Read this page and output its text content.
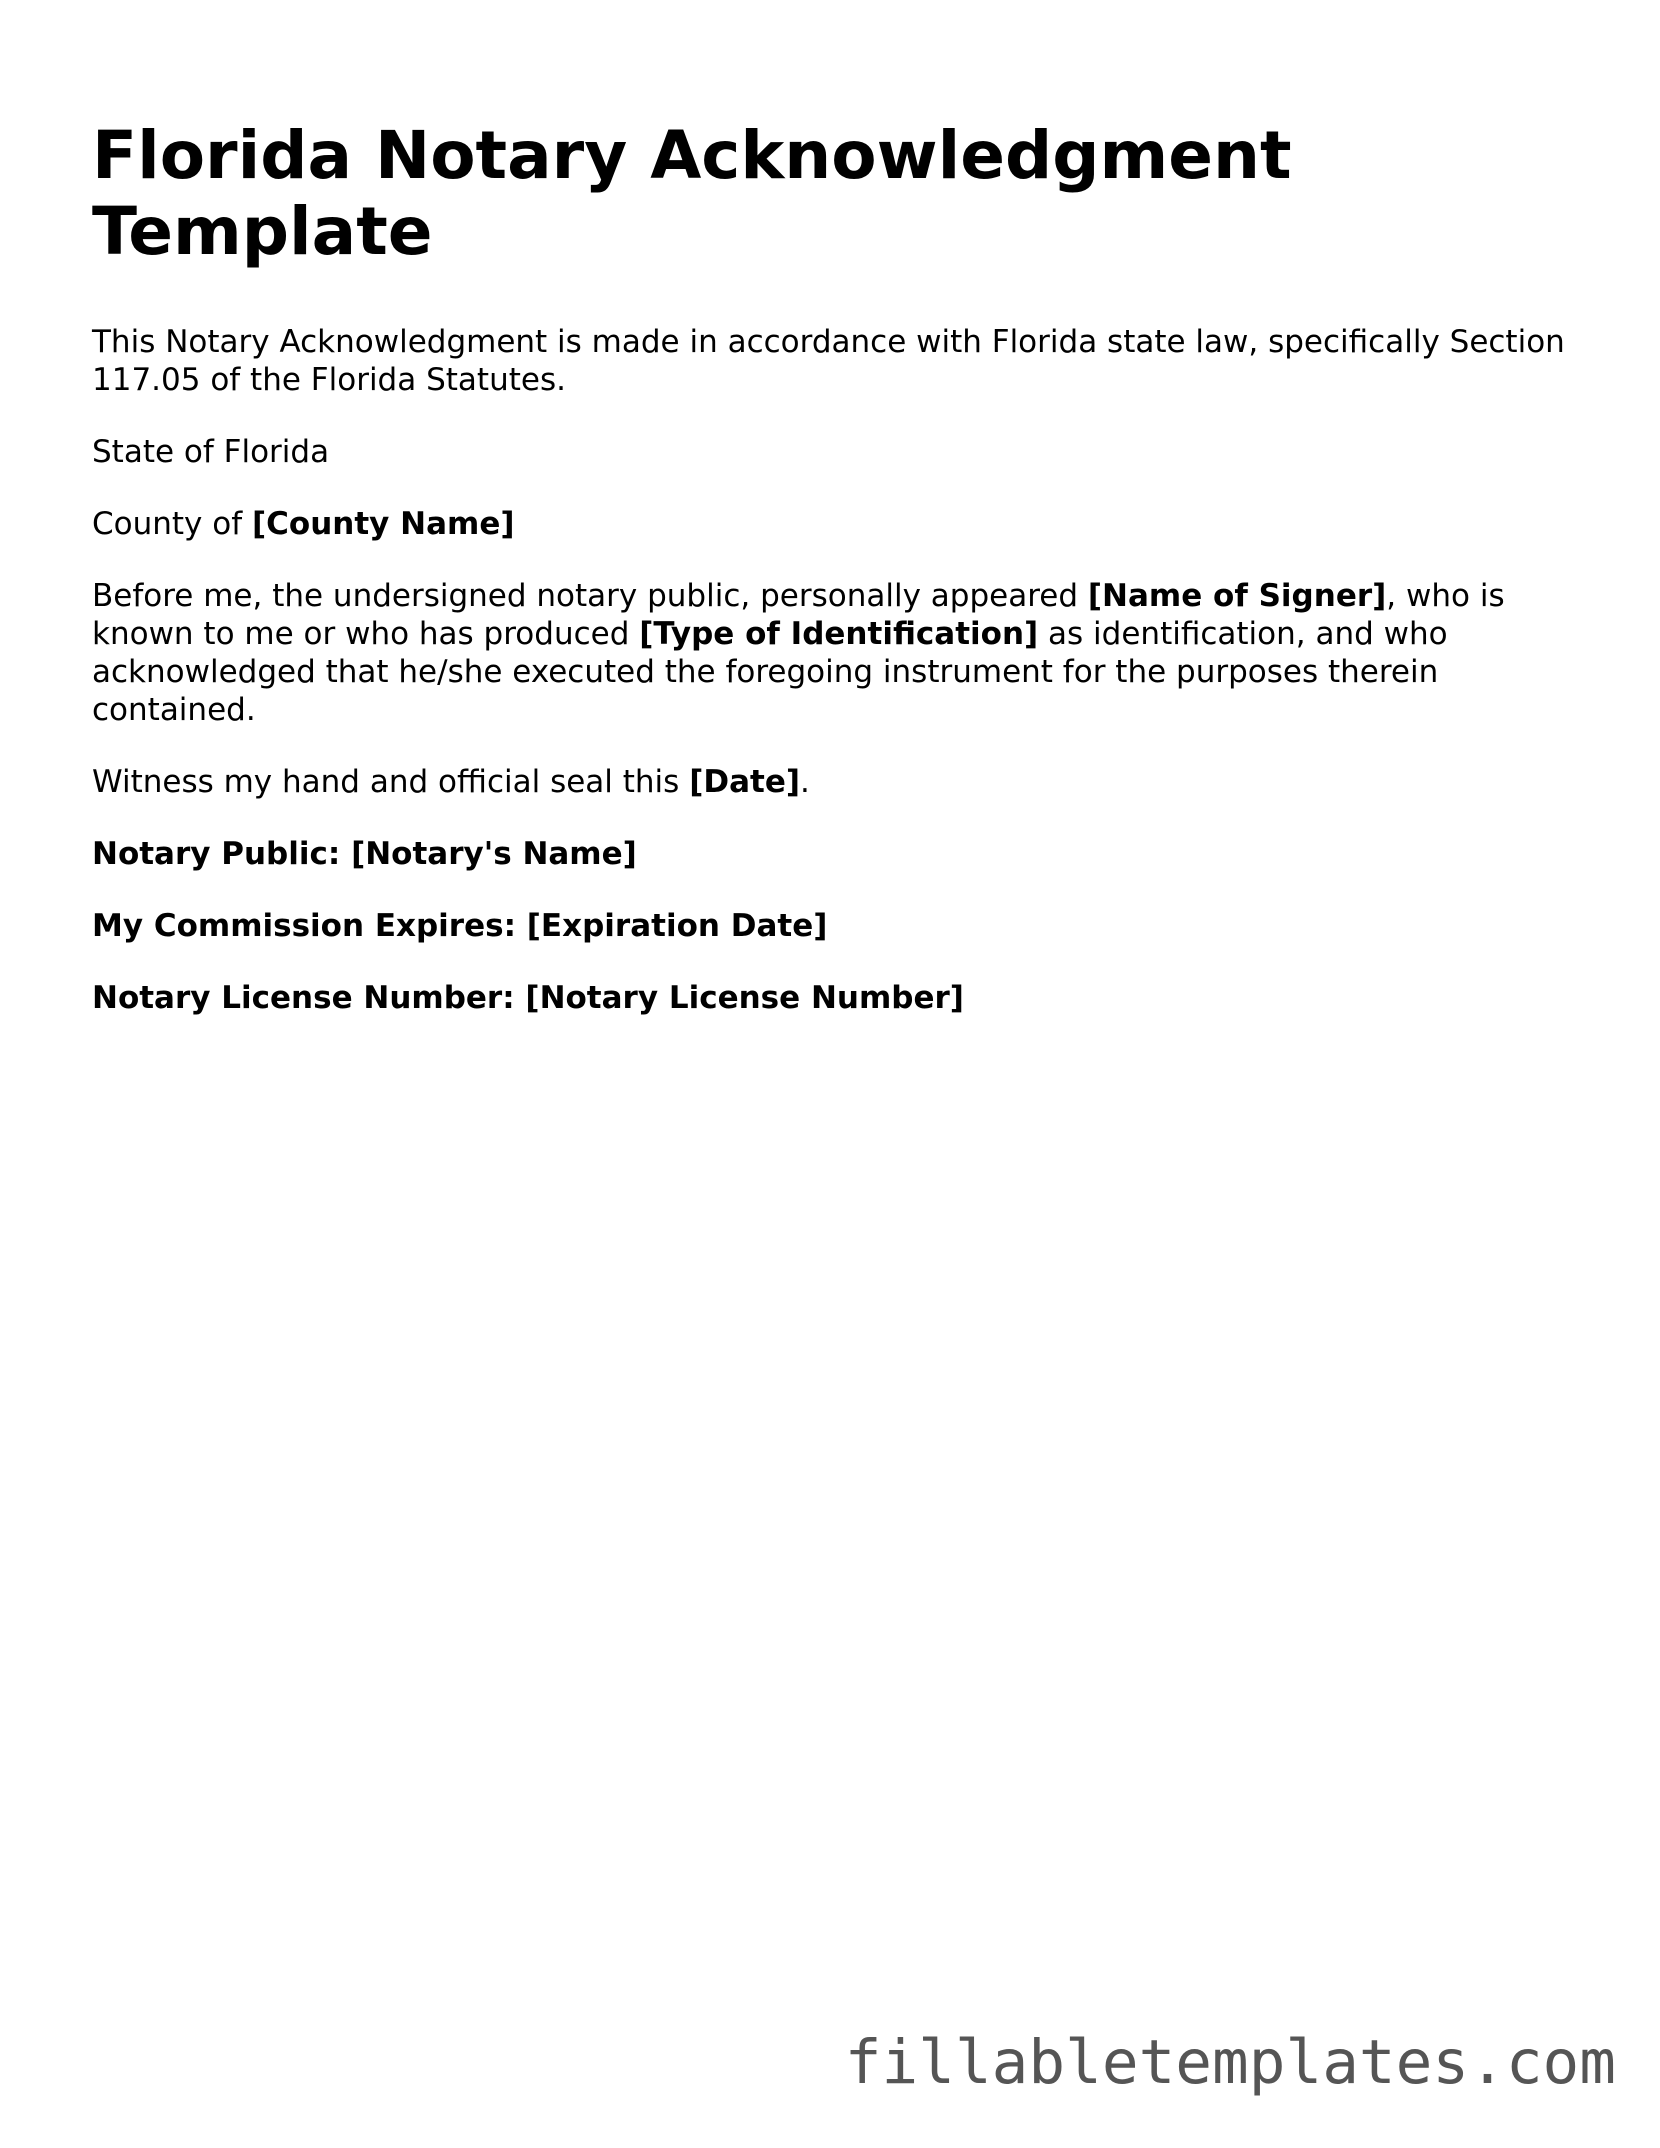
Florida Notary Acknowledgment Template

This Notary Acknowledgment is made in accordance with Florida state law, specifically Section 117.05 of the Florida Statutes.

State of Florida

County of [County Name]

Before me, the undersigned notary public, personally appeared [Name of Signer], who is known to me or who has produced [Type of Identification] as identification, and who acknowledged that he/she executed the foregoing instrument for the purposes therein contained.

Witness my hand and official seal this [Date].

Notary Public: [Notary's Name]

My Commission Expires: [Expiration Date]

Notary License Number: [Notary License Number]

fillabletemplates.com
